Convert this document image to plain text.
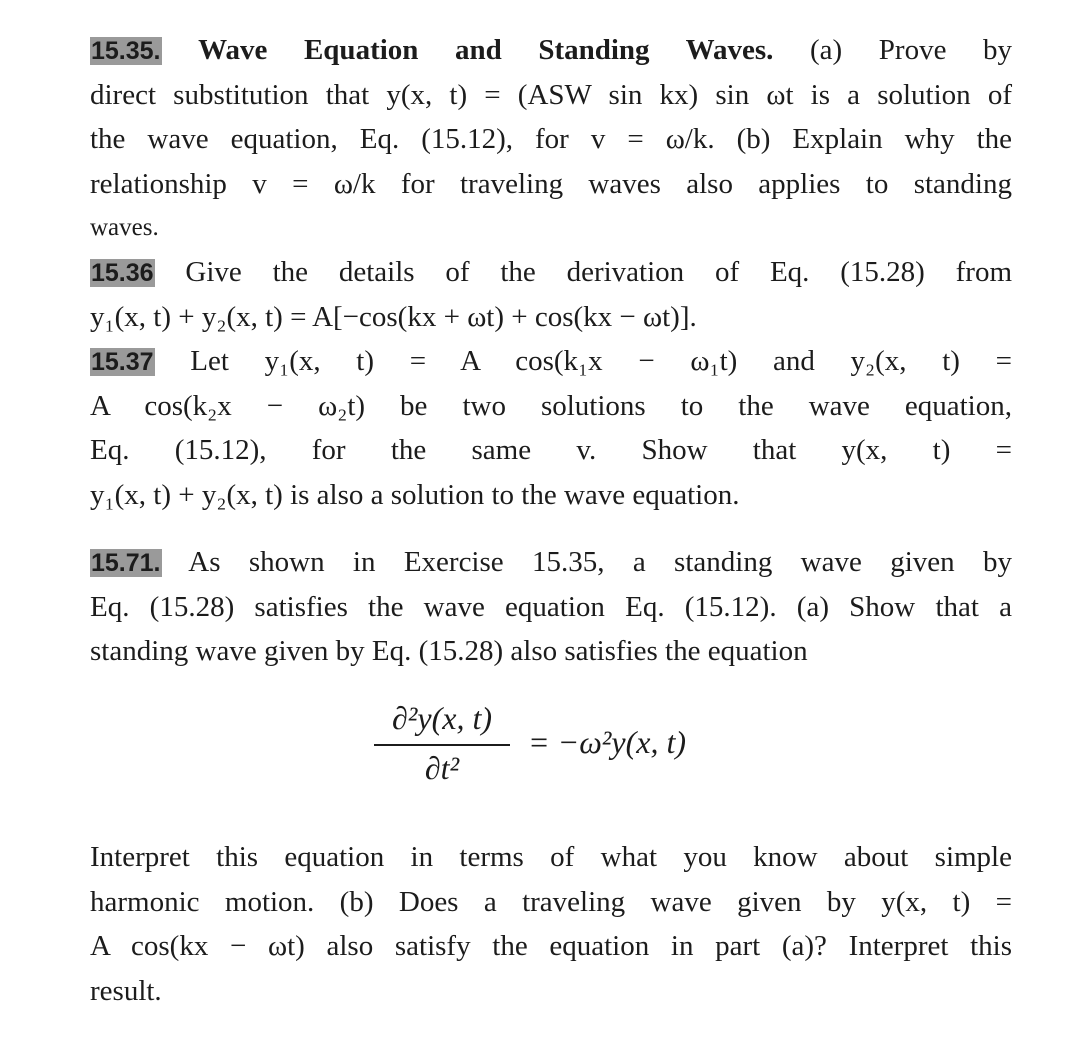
15.35. Wave Equation and Standing Waves. (a) Prove by
direct substitution that y(x, t) = (ASW sin kx) sin ωt is a solution of
the wave equation, Eq. (15.12), for v = ω/k. (b) Explain why the
relationship v = ω/k for traveling waves also applies to standing
waves.
15.36 Give the details of the derivation of Eq. (15.28) from
y₁(x, t) + y₂(x, t) = A[−cos(kx + ωt) + cos(kx − ωt)].
15.37 Let y₁(x, t) = A cos(k₁x − ω₁t) and y₂(x, t) =
A cos(k₂x − ω₂t) be two solutions to the wave equation,
Eq. (15.12), for the same v. Show that y(x, t) =
y₁(x, t) + y₂(x, t) is also a solution to the wave equation.
15.71. As shown in Exercise 15.35, a standing wave given by
Eq. (15.28) satisfies the wave equation Eq. (15.12). (a) Show that a
standing wave given by Eq. (15.28) also satisfies the equation
∂²y(x, t)
∂t²
= −ω²y(x, t)
Interpret this equation in terms of what you know about simple
harmonic motion. (b) Does a traveling wave given by y(x, t) =
A cos(kx − ωt) also satisfy the equation in part (a)? Interpret this
result.
